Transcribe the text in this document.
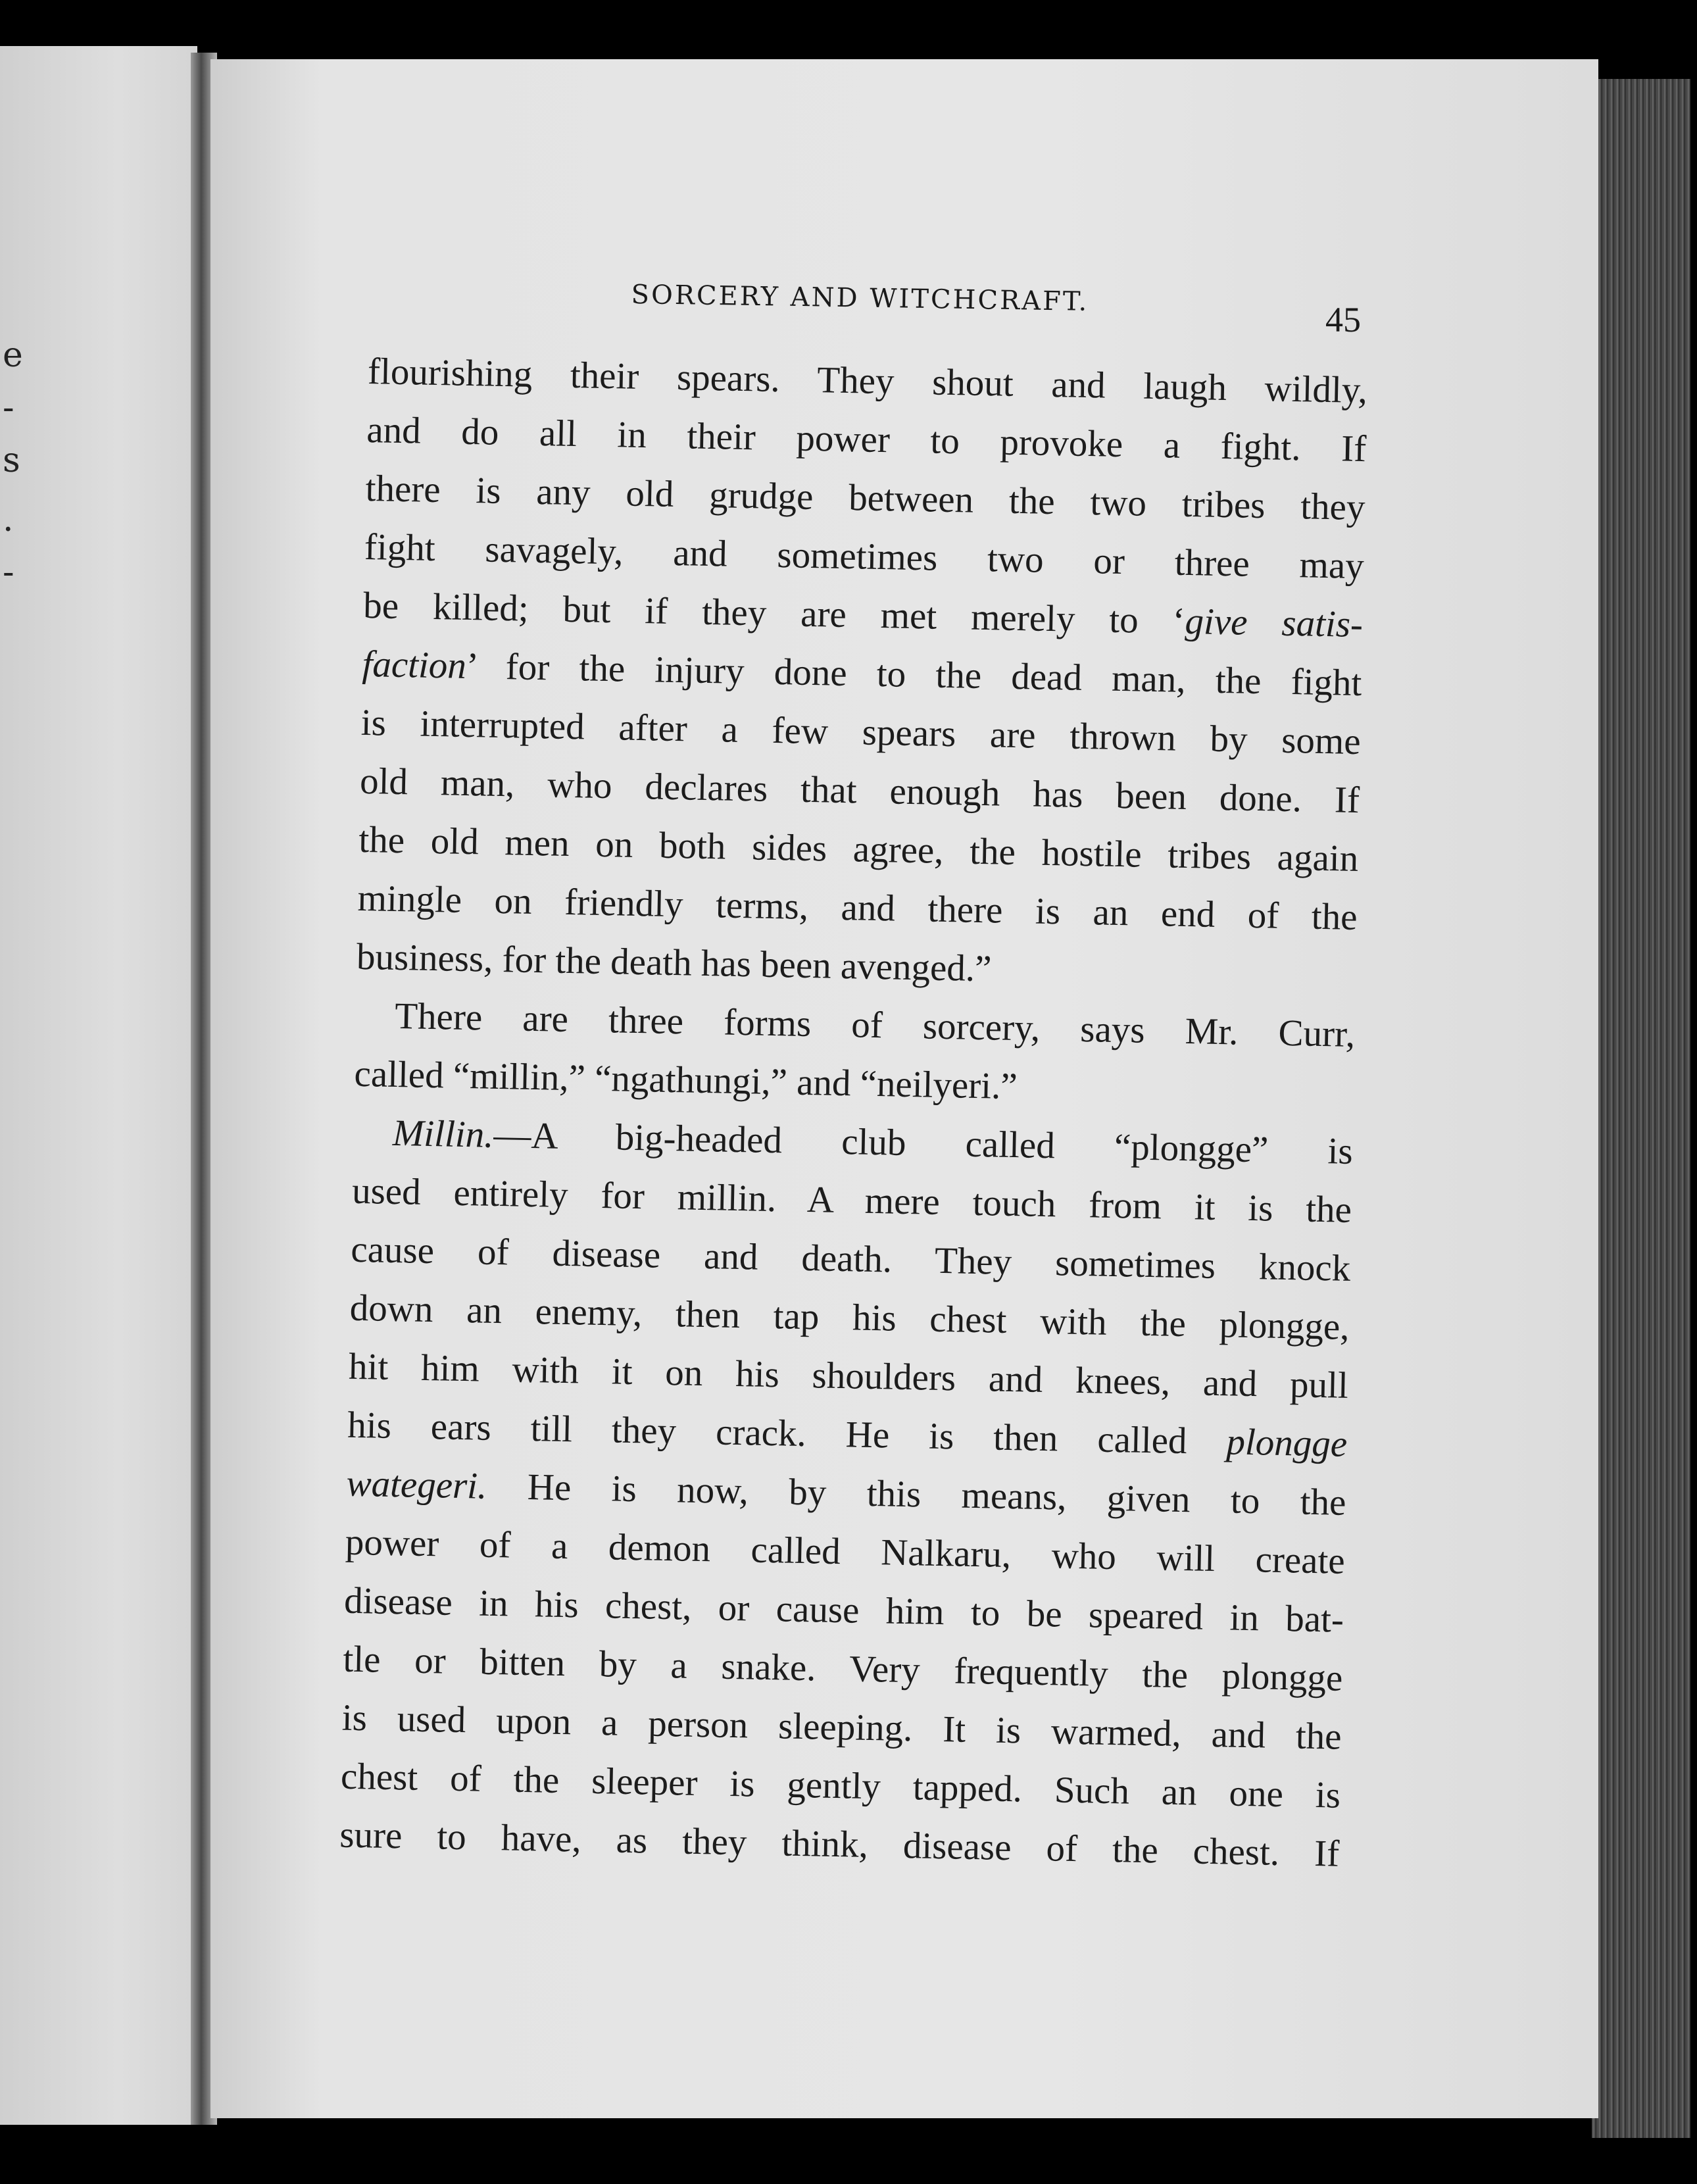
e
-
s
.
-
SORCERY AND WITCHCRAFT.
45
flourishing their spears. They shout and laugh wildly,
and do all in their power to provoke a fight. If
there is any old grudge between the two tribes they
fight savagely, and sometimes two or three may
be killed; but if they are met merely to ‘give satis-
faction’ for the injury done to the dead man, the fight
is interrupted after a few spears are thrown by some
old man, who declares that enough has been done. If
the old men on both sides agree, the hostile tribes again
mingle on friendly terms, and there is an end of the
business, for the death has been avenged.”
There are three forms of sorcery, says Mr. Curr,
called “millin,” “ngathungi,” and “neilyeri.”
Millin.—A big-headed club called “plongge” is
used entirely for millin. A mere touch from it is the
cause of disease and death. They sometimes knock
down an enemy, then tap his chest with the plongge,
hit him with it on his shoulders and knees, and pull
his ears till they crack. He is then called plongge
wategeri. He is now, by this means, given to the
power of a demon called Nalkaru, who will create
disease in his chest, or cause him to be speared in bat-
tle or bitten by a snake. Very frequently the plongge
is used upon a person sleeping. It is warmed, and the
chest of the sleeper is gently tapped. Such an one is
sure to have, as they think, disease of the chest. If
